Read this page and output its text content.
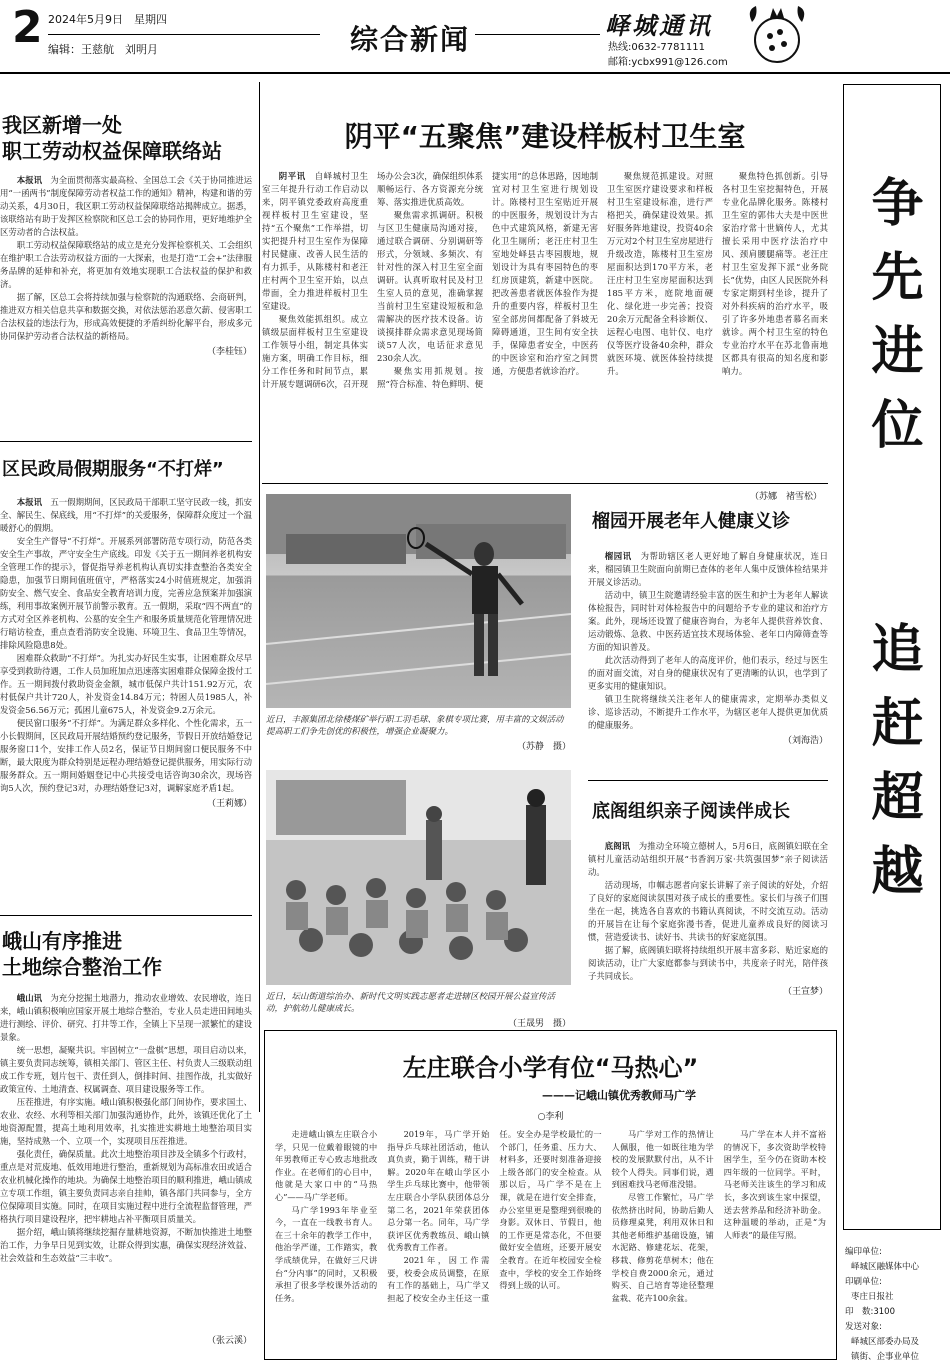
2 2024年5月9日　 星期四
编辑：王慈航　刘明月	综合新闻	峄城通讯
热线:0632-7781111
邮箱:ycbx991@126.com
我区新增一处
职工劳动权益保障联络站

本报讯　 为全面贯彻落实最高检、全国总工会《关于协同推进运用“一函两书”制度保障劳动者权益工作的通知》精神，构建和谐的劳动关系，4月30日，我区职工劳动权益保障联络站揭牌成立。据悉，该联络站有助于发挥区检察院和区总工会的协同作用，更好地维护全区劳动者的合法权益。

职工劳动权益保障联络站的成立是充分发挥检察机关、工会组织在维护职工合法劳动权益方面的一大探索，也是打造“工会+”法律服务品牌的延伸和补充，将更加有效地实现职工合法权益的保护和救济。

据了解，区总工会将持续加强与检察院的沟通联络、会商研判，推进双方相关信息共享和数据交换，对依法惩治恶意欠薪、侵害职工合法权益的违法行为，形成高效便捷的矛盾纠纷化解平台，形成多元协同保护劳动者合法权益的新格局。

（李桂钰）
区民政局假期服务“不打烊”

本报讯　 五一假期期间，区民政局干部职工坚守民政一线，抓安全、解民生、保底线，用“不打烊”的关爱服务，保障群众度过一个温暖舒心的假期。

安全生产督导“不打烊”。开展系列部署防范专项行动，防范各类安全生产事故，严守安全生产底线。印发《关于五一期间养老机构安全管理工作的提示》，督促指导养老机构认真切实排查整治各类安全隐患，加强节日期间值班值守，严格落实24小时值班规定，加强消防安全、燃气安全、食品安全教育培训力度，完善应急预案并加强演练，利用事故案例开展节前警示教育。五一假期，采取“四不两直”的方式对全区养老机构、公墓的安全生产和服务质量规范化管理情况进行暗访检查，重点查看消防安全设施、环境卫生、食品卫生等情况，排除风险隐患8处。

困难群众救助“不打烊”。为扎实办好民生实事，让困难群众尽早享受到救助待遇，工作人员加班加点迅速落实困难群众保障金拨付工作。五一期间拨付救助资金金额，城市低保户共计151.92万元，农村低保户共计720人，补发资金14.84万元；特困人员1985人，补发资金56.56万元；孤困儿童675人，补发资金9.2万余元。

便民窗口服务“不打烊”。为满足群众多样化、个性化需求，五一小长假期间，区民政局开展结婚预约登记服务，节假日开放结婚登记服务窗口1个，安排工作人员2名，保证节日期间窗口便民服务不中断，最大限度为群众特别是远程办理结婚登记提供服务，用实际行动服务群众。五一期间婚姻登记中心共接受电话咨询30余次，现场咨询5人次，预约登记3对，办理结婚登记3对，调解家庭矛盾1起。

（王莉娜）
峨山有序推进
土地综合整治工作

峨山讯　 为充分挖掘土地潜力，推动农业增效、农民增收，连日来，峨山镇积极响应国家开展土地综合整治，专业人员走进田间地头进行测绘、评价、研究、打井等工作，全镇上下呈现一派繁忙的建设景象。

统一思想，凝聚共识。牢固树立“一盘棋”思想，项目启动以来，镇主要负责同志统筹，镇相关部门、管区主任、村负责人三级联动组成工作专班，划片包干、责任到人，倒排时间、挂图作战，扎实做好政策宣传、土地清查、权属调查、项目建设服务等工作。

压茬推进，有序实施。峨山镇积极强化部门间协作，要求国土、农业、农经、水利等相关部门加强沟通协作，此外，该镇还优化了土地资源配置，提高土地利用效率，扎实推进实耕地土地整治项目实施，坚持成熟一个、立项一个，实现项目压茬推进。

强化责任，确保质量。此次土地整治项目涉及全镇多个行政村，重点是对荒废地、低效用地进行整治，重新规划为高标准农田或适合农业机械化操作的地块。为确保土地整治项目的顺利推进，峨山镇成立专项工作组，镇主要负责同志亲自挂帅，镇各部门共同参与，全方位保障项目实施。同时，在项目实施过程中进行全流程监督管理，严格执行项目建设程序，把牢耕地占补平衡项目质量关。

据介绍，峨山镇将继续挖掘存量耕地资源，不断加快推进土地整治工作，力争早日见到实效，让群众得到实惠，确保实现经济效益、社会效益和生态效益“三丰收”。

（张云溪）
阴平“五聚焦”建设样板村卫生室

阴平讯　 自峄城村卫生室三年提升行动工作启动以来，阴平镇党委政府高度重视样板村卫生室建设，坚持“五个聚焦”工作举措，切实把提升村卫生室作为保障村民健康、改善人民生活的有力抓手，从陈楼村和老汪庄村两个卫生室开始，以点带面，全力推进样板村卫生室建设。

聚焦效能抓组织。成立镇级层面样板村卫生室建设工作领导小组，制定具体实施方案，明确工作目标，细分工作任务和时间节点，累计开展专题调研6次，召开现场办公会3次，确保组织体系顺畅运行、各方资源充分统筹、落实推进优质高效。

聚焦需求抓调研。积极与区卫生健康局沟通对接，通过联合调研、分别调研等形式，分领域、多频次、有针对性的深入村卫生室全面调研。认真听取村民及村卫生室人员的意见，准确掌握当前村卫生室建设短板和急需解决的医疗技术设备。访谈摸排群众需求意见现场简谈57人次，电话征求意见230余人次。

聚焦实用抓规划。按照“符合标准、特色鲜明、便捷实用”的总体思路，因地制宜对村卫生室进行规划设计。陈楼村卫生室贴近开展的中医服务，规划设计为古色中式建筑风格，新建无害化卫生厕所；老汪庄村卫生室地处峄县古枣园腹地，规划设计为具有枣园特色的枣红房顶建筑，新建中医院。把改善患者就医体验作为提升的重要内容，样板村卫生室全部房间都配备了斜坡无障碍通道，卫生间有安全扶手，保障患者安全，中医药的中医诊室和治疗室之间贯通，方便患者就诊治疗。

聚焦规范抓建设。对照卫生室医疗建设要求和样板村卫生室建设标准，进行严格把关，确保建设效果。抓好服务阵地建设，投资40余万元对2个村卫生室房屋进行升级改造，陈楼村卫生室房屋面积达到170平方米，老汪庄村卫生室房屋面积达到185平方米，庭院地面硬化、绿化进一步完善；投资20余万元配备全科诊断仪、远程心电图、电针仪、电疗仪等医疗设备40余种，群众就医环境、就医体验持续提升。

聚焦特色抓创新。引导各村卫生室挖掘特色，开展专业化品牌化服务。陈楼村卫生室的郭伟大夫是中医世家治疗常十世嫡传人，尤其擅长采用中医疗法治疗中风、颈肩腰腿痛等。老汪庄村卫生室发挥下派“业务院长”优势，由区人民医院外科专家定期到村坐诊，提升了对外科疾病的治疗水平，吸引了许多外地患者慕名而来就诊。两个村卫生室的特色专业治疗水平在苏北鲁南地区都具有很高的知名度和影响力。

（苏娜　褚雪松）
近日，丰源集团北徐楼煤矿举行职工羽毛球、象棋专项比赛，用丰富的文娱活动提高职工们争先创优的积极性，增强企业凝聚力。
（苏静　摄）
近日，坛山街道综治办、新时代文明实践志愿者走进辖区校园开展公益宣传活动，护航幼儿健康成长。
（王晟男　摄）
榴园开展老年人健康义诊

榴园讯　 为帮助辖区老人更好地了解自身健康状况，连日来，榴园镇卫生院面向前期已查体的老年人集中反馈体检结果并开展义诊活动。

活动中，镇卫生院邀请经验丰富的医生和护士为老年人解读体检报告，同时针对体检报告中的问题给予专业的建议和治疗方案。此外，现场还设置了健康咨询台，为老年人提供营养饮食、运动锻炼、急救、中医药适宜技术现场体验、老年口内障筛查等方面的知识普及。

此次活动得到了老年人的高度评价，他们表示，经过与医生的面对面交流，对自身的健康状况有了更清晰的认识，也学到了更多实用的健康知识。

镇卫生院将继续关注老年人的健康需求，定期举办类似义诊、巡诊活动，不断提升工作水平，为辖区老年人提供更加优质的健康服务。

（刘海浩）
底阁组织亲子阅读伴成长

底阁讯　 为推动全环境立德树人，5月6日，底阁镇妇联在全镇村儿童活动站组织开展“书香润万家·共筑强国梦”亲子阅读活动。

活动现场，巾帼志愿者向家长讲解了亲子阅读的好处，介绍了良好的家庭阅读氛围对孩子成长的重要性。家长们与孩子们围坐在一起，挑选各自喜欢的书籍认真阅读，不时交流互动。活动的开展旨在让每个家庭弥漫书香，促进儿童养成良好的阅读习惯，营造爱读书、读好书、共读书的好家庭氛围。

据了解，底阁镇妇联将持续组织开展丰富多彩、贴近家庭的阅读活动，让广大家庭都参与到读书中，共度亲子时光，陪伴孩子共同成长。

（王宣梦）
左庄联合小学有位“马热心”
———记峨山镇优秀教师马广学
○李利

走进峨山镇左庄联合小学，只见一位戴着眼镜的中年男教师正专心致志地批改作业。在老师们的心目中，他就是大家口中的“马热心”——马广学老师。

马广学1993年毕业至今，一直在一线教书育人。在三十余年的教学工作中，他治学严谨，工作踏实，教学成绩优异，在做好三尺讲台“分内事”的同时，又积极承担了很多学校课外活动的任务。

2019年，马广学开始指导乒乓球社团活动，他认真负责，勤于训练，精于讲解。2020年在峨山学区小学生乒乓球比赛中，他带领左庄联合小学队获团体总分第二名，2021年荣获团体总分第一名。同年，马广学获评区优秀教练员、峨山镇优秀教育工作者。

2021年，因工作需要，校委会成员调整，在原有工作的基础上，马广学又担起了校安全办主任这一重任。安全办是学校最忙的一个部门，任务重、压力大、材料多，还要时刻准备迎接上级各部门的安全检查。从那以后，马广学不是在上课，就是在进行安全排查，办公室里更是整理到很晚的身影。双休日、节假日，他的工作更是常态化，不但要做好安全值班，还要开展安全教育。在近年校园安全检查中，学校的安全工作始终得到上级的认可。

马广学对工作的热情让人佩服，他一如既往地为学校的发展默默付出，从不计较个人得失。同事们说，遇到困难找马老师准没错。

尽管工作繁忙，马广学依然挤出时间，协助后勤人员修理桌凳，利用双休日和其他老师维护基础设施，铺水泥路、修建花坛、花架，移栽、修剪花草树木；他在学校自费2000余元，通过购买、自己培育等途径整理盆栽、花卉100余盆。

马广学在本人并不富裕的情况下，多次资助学校特困学生，至今仍在资助本校四年级的一位同学。平时，马老师关注该生的学习和成长，多次到该生家中探望，送去营养品和经济补助金。这种温暖的举动，正是“为人师表”的最佳写照。

争先进位
追赶超越
编印单位:
峄城区融媒体中心
印刷单位:
枣庄日报社
印　数:3100
发送对象:
峄城区部委办局及
镇街、企事业单位
